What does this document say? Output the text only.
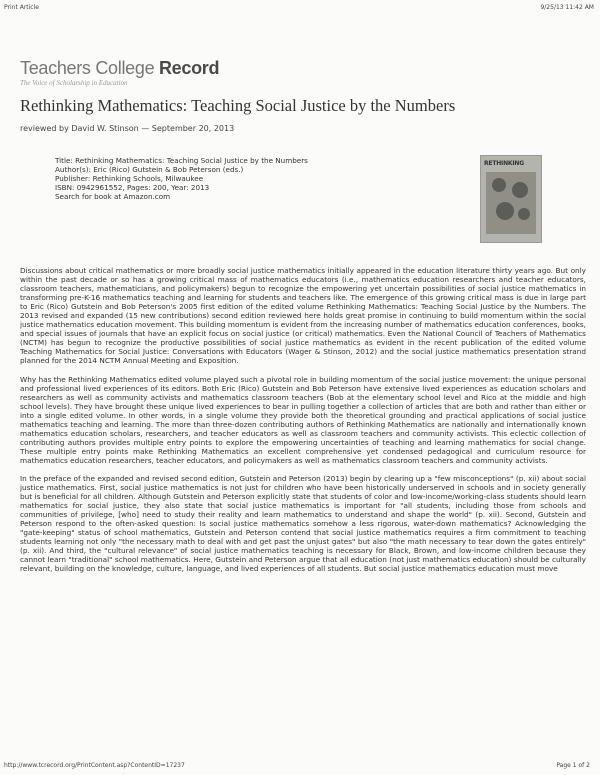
Print Article	9/25/13 11:42 AM
Teachers College Record
The Voice of Scholarship in Education
Rethinking Mathematics: Teaching Social Justice by the Numbers
reviewed by David W. Stinson — September 20, 2013
Title: Rethinking Mathematics: Teaching Social Justice by the Numbers
Author(s): Eric (Rico) Gutstein & Bob Peterson (eds.)
Publisher: Rethinking Schools, Milwaukee
ISBN: 0942961552, Pages: 200, Year: 2013
Search for book at Amazon.com
RETHINKING

Discussions about critical mathematics or more broadly social justice mathematics initially appeared in the education literature thirty years ago. But only within the past decade or so has a growing critical mass of mathematics educators (i.e., mathematics education researchers and teacher educators, classroom teachers, mathematicians, and policymakers) begun to recognize the empowering yet uncertain possibilities of social justice mathematics in transforming pre-K-16 mathematics teaching and learning for students and teachers like. The emergence of this growing critical mass is due in large part to Eric (Rico) Gutstein and Bob Peterson's 2005 first edition of the edited volume Rethinking Mathematics: Teaching Social Justice by the Numbers. The 2013 revised and expanded (15 new contributions) second edition reviewed here holds great promise in continuing to build momentum within the social justice mathematics education movement. This building momentum is evident from the increasing number of mathematics education conferences, books, and special issues of journals that have an explicit focus on social justice (or critical) mathematics. Even the National Council of Teachers of Mathematics (NCTM) has begun to recognize the productive possibilities of social justice mathematics as evident in the recent publication of the edited volume Teaching Mathematics for Social Justice: Conversations with Educators (Wager & Stinson, 2012) and the social justice mathematics presentation strand planned for the 2014 NCTM Annual Meeting and Exposition.

Why has the Rethinking Mathematics edited volume played such a pivotal role in building momentum of the social justice movement: the unique personal and professional lived experiences of its editors. Both Eric (Rico) Gutstein and Bob Peterson have extensive lived experiences as education scholars and researchers as well as community activists and mathematics classroom teachers (Bob at the elementary school level and Rico at the middle and high school levels). They have brought these unique lived experiences to bear in pulling together a collection of articles that are both and rather than either or into a single edited volume. In other words, in a single volume they provide both the theoretical grounding and practical applications of social justice mathematics teaching and learning. The more than three-dozen contributing authors of Rethinking Mathematics are nationally and internationally known mathematics education scholars, researchers, and teacher educators as well as classroom teachers and community activists. This eclectic collection of contributing authors provides multiple entry points to explore the empowering uncertainties of teaching and learning mathematics for social change. These multiple entry points make Rethinking Mathematics an excellent comprehensive yet condensed pedagogical and curriculum resource for mathematics education researchers, teacher educators, and policymakers as well as mathematics classroom teachers and community activists.

In the preface of the expanded and revised second edition, Gutstein and Peterson (2013) begin by clearing up a "few misconceptions" (p. xii) about social justice mathematics. First, social justice mathematics is not just for children who have been historically underserved in schools and in society generally but is beneficial for all children. Although Gutstein and Peterson explicitly state that students of color and low-income/working-class students should learn mathematics for social justice, they also state that social justice mathematics is important for "all students, including those from schools and communities of privilege, [who] need to study their reality and learn mathematics to understand and shape the world" (p. xii). Second, Gutstein and Peterson respond to the often-asked question: Is social justice mathematics somehow a less rigorous, water-down mathematics? Acknowledging the "gate-keeping" status of school mathematics, Gutstein and Peterson contend that social justice mathematics requires a firm commitment to teaching students learning not only "the necessary math to deal with and get past the unjust gates" but also "the math necessary to tear down the gates entirely" (p. xii). And third, the "cultural relevance" of social justice mathematics teaching is necessary for Black, Brown, and low-income children because they cannot learn "traditional" school mathematics. Here, Gutstein and Peterson argue that all education (not just mathematics education) should be culturally relevant, building on the knowledge, culture, language, and lived experiences of all students. But social justice mathematics education must move

http://www.tcrecord.org/PrintContent.asp?ContentID=17237	Page 1 of 2
